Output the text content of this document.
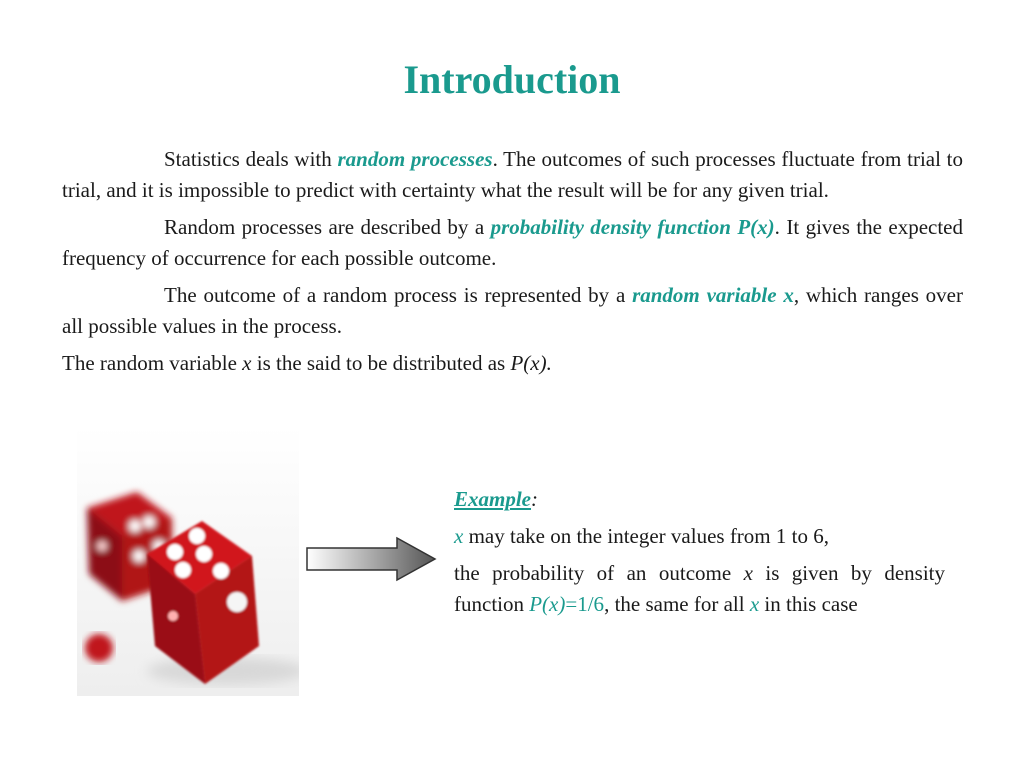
Introduction

Statistics deals with random processes. The outcomes of such processes fluctuate from trial to trial, and it is impossible to predict with certainty what the result will be for any given trial.

Random processes are described by a probability density function P(x). It gives the expected frequency of occurrence for each possible outcome.

The outcome of a random process is represented by a random variable x, which ranges over all possible values in the process.

The random variable x is the said to be distributed as P(x).

Example:

x may take on the integer values from 1 to 6,

the probability of an outcome x is given by density function P(x)=1/6, the same for all x in this case
